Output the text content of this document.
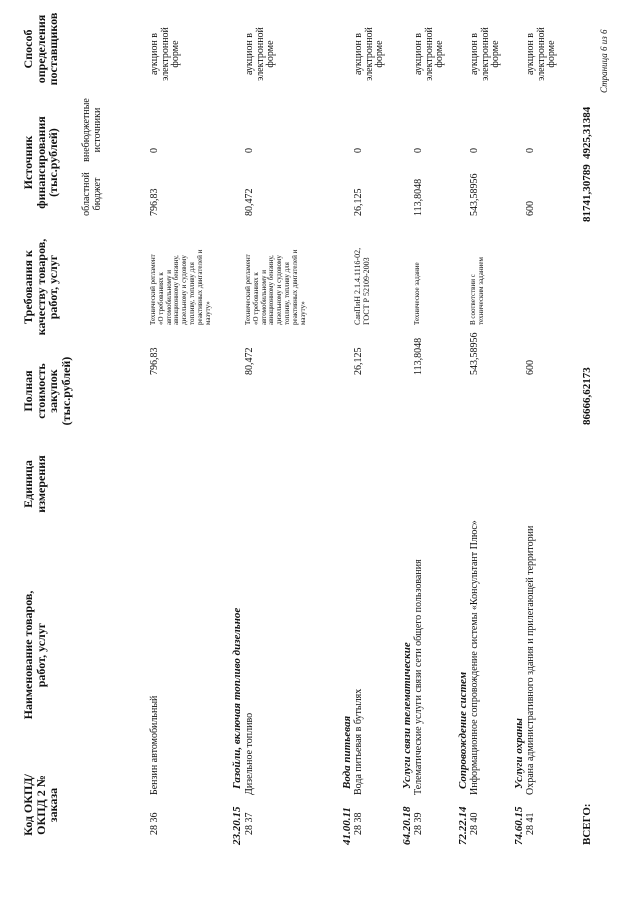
Код ОКПД/ ОКПД 2 № заказа
Наименование товаров, работ, услуг
Единица измерения
Полная стоимость закупок (тыс.рублей)
Требования к качеству товаров, работ, услуг
Источник финансирования (тыс.рублей) областной бюджет
внебюджетные источники
Способ определения поставщиков
28 36
Бензин автомобильный
796,83
Технический регламент «О требованиях к автомобильному и авиационному бензину, дизельному и судовому топливу, топливу для реактивных двигателей и мазуту»
796,83
0
аукцион в электронной форме
23.20.15Газойли, включая топливо дизельное
28 37
Дизельное топливо
80,472
Технический регламент «О требованиях к автомобильному и авиационному бензину, дизельному и судовому топливу, топливу для реактивных двигателей и мазуту»
80,472
0
аукцион в электронной форме
41.00.11Вода питьевая
28 38
Вода питьевая в бутылях
26,125
СанПиН 2.1.4.1116-02, ГОСТ Р 52109-2003
26,125
0
аукцион в электронной форме
64.20.18Услуги связи телематические
28 39
Телематические услуги связи сети общего пользования
113,8048
Техническое задание
113,8048
0
аукцион в электронной форме
72.22.14Сопровождение систем
28 40
Информационное сопровождение системы «Консультант Плюс»
543,58956
В соответствии с техническим заданием
543,58956
0
аукцион в электронной форме
74.60.15Услуги охраны
28 41
Охрана административного здания и прилегающей территории
600
600
0
аукцион в электронной форме
ВСЕГО:
86666,62173
81741,30789
4925,31384
Страница 6 из 6
